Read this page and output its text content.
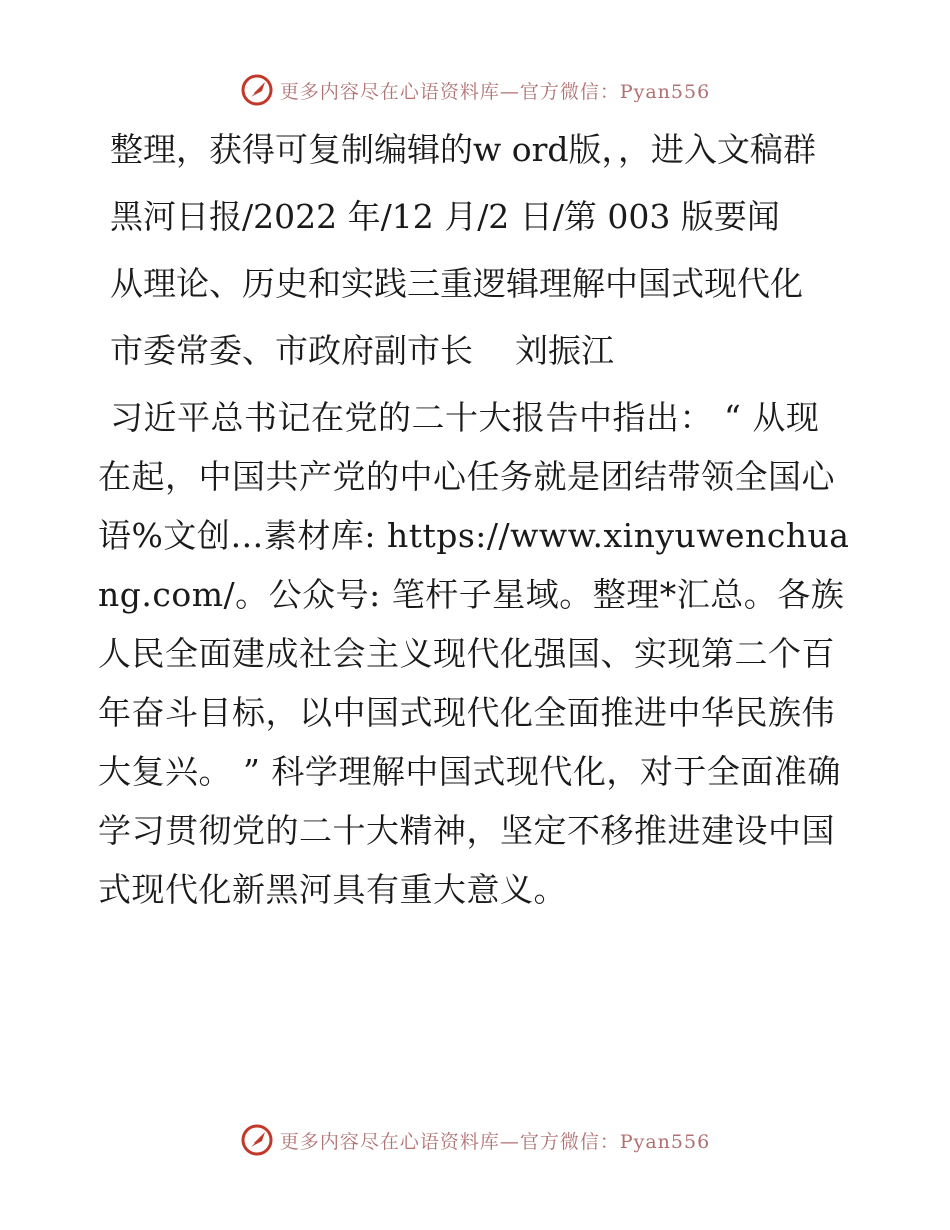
更多内容尽在心语资料库—官方微信：Pyan556

整理，获得可复制编辑的w ord版，，进入文稿群

黑河日报/2022 年/12 月/2 日/第 003 版要闻

从理论、历史和实践三重逻辑理解中国式现代化

市委常委、市政府副市长    刘振江

习近平总书记在党的二十大报告中指出： “ 从现在起，中国共产党的中心任务就是团结带领全国心语%文创…素材库: https://www.xinyuwenchuang.com/。公众号: 笔杆子星域。整理*汇总。各族人民全面建成社会主义现代化强国、实现第二个百年奋斗目标，以中国式现代化全面推进中华民族伟大复兴。 ” 科学理解中国式现代化，对于全面准确学习贯彻党的二十大精神，坚定不移推进建设中国式现代化新黑河具有重大意义。

更多内容尽在心语资料库—官方微信：Pyan556
